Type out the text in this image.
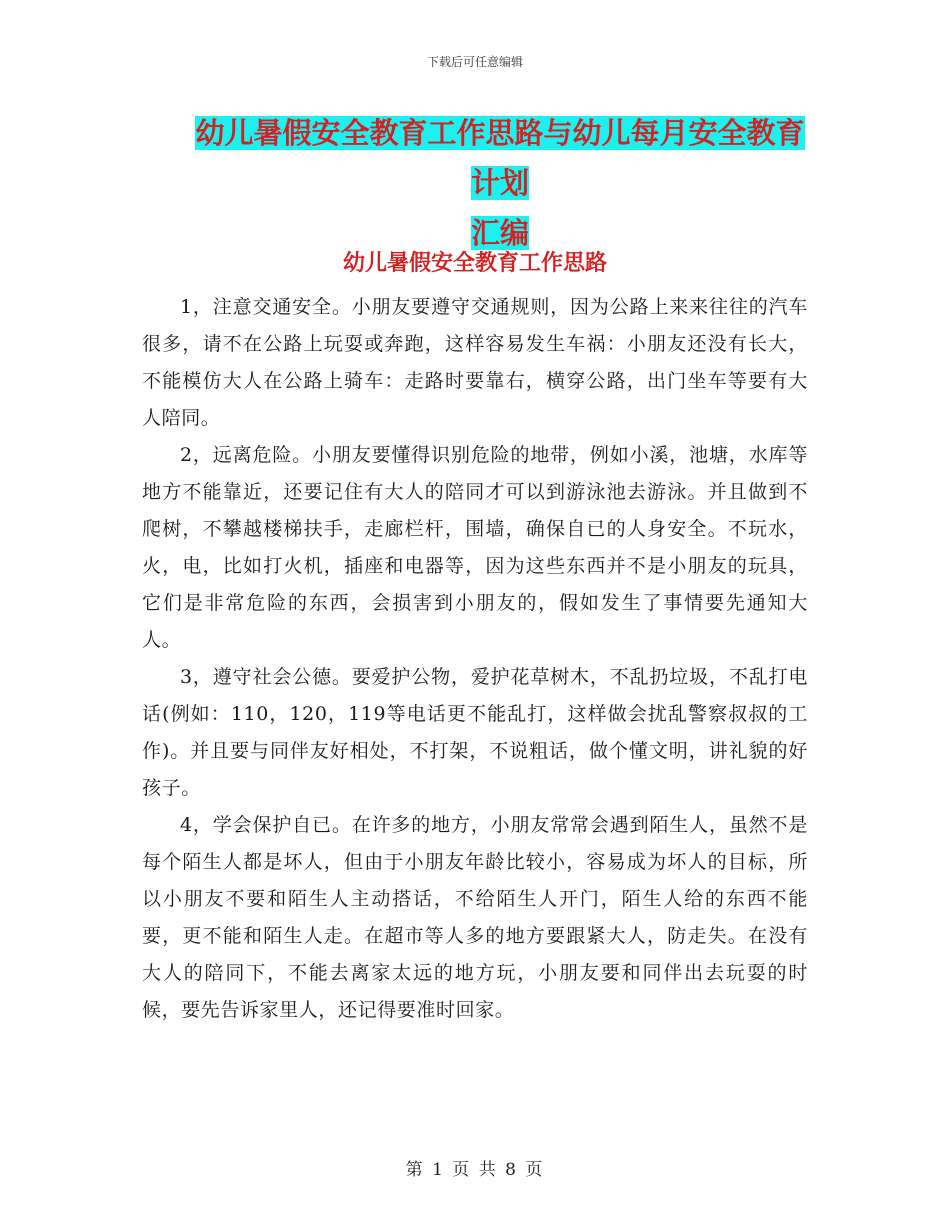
下载后可任意编辑
幼儿暑假安全教育工作思路与幼儿每月安全教育计划
汇编
幼儿暑假安全教育工作思路

1，注意交通安全。小朋友要遵守交通规则，因为公路上来来往往的汽车很多，请不在公路上玩耍或奔跑，这样容易发生车祸：小朋友还没有长大，不能模仿大人在公路上骑车：走路时要靠右，横穿公路，出门坐车等要有大人陪同。

2，远离危险。小朋友要懂得识别危险的地带，例如小溪，池塘，水库等地方不能靠近，还要记住有大人的陪同才可以到游泳池去游泳。并且做到不爬树，不攀越楼梯扶手，走廊栏杆，围墙，确保自已的人身安全。不玩水，火，电，比如打火机，插座和电器等，因为这些东西并不是小朋友的玩具，它们是非常危险的东西，会损害到小朋友的，假如发生了事情要先通知大人。

3，遵守社会公德。要爱护公物，爱护花草树木，不乱扔垃圾，不乱打电话(例如：110，120，119等电话更不能乱打，这样做会扰乱警察叔叔的工作)。并且要与同伴友好相处，不打架，不说粗话，做个懂文明，讲礼貌的好孩子。

4，学会保护自已。在许多的地方，小朋友常常会遇到陌生人，虽然不是每个陌生人都是坏人，但由于小朋友年龄比较小，容易成为坏人的目标，所以小朋友不要和陌生人主动搭话，不给陌生人开门，陌生人给的东西不能要，更不能和陌生人走。在超市等人多的地方要跟紧大人，防走失。在没有大人的陪同下，不能去离家太远的地方玩，小朋友要和同伴出去玩耍的时候，要先告诉家里人，还记得要准时回家。

第 1 页 共 8 页
